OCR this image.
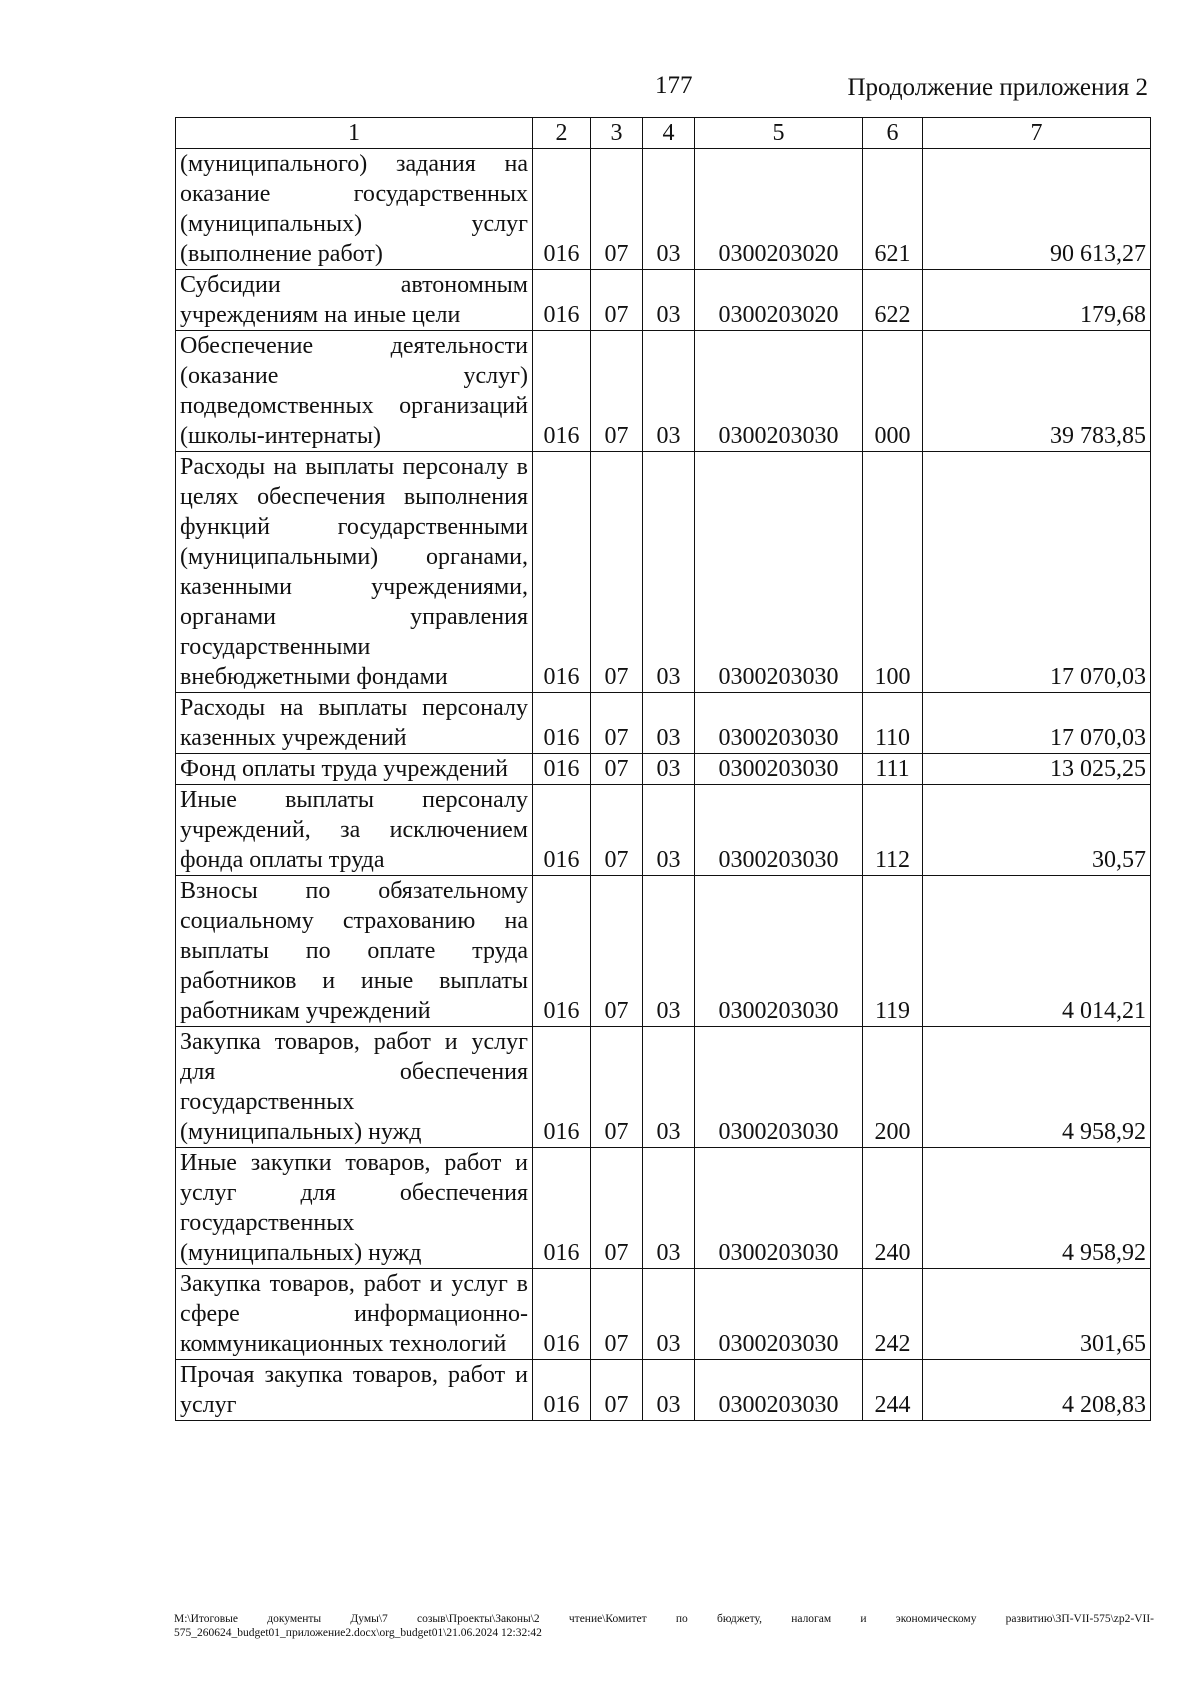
177	Продолжение приложения 2
1	2	3	4	5	6	7
(муниципального) задания на оказание государственных (муниципальных) услуг (выполнение работ)	016	07	03	0300203020	621	90 613,27
Субсидии автономным учреждениям на иные цели	016	07	03	0300203020	622	179,68
Обеспечение деятельности (оказание услуг) подведомственных организаций (школы-интернаты)	016	07	03	0300203030	000	39 783,85
Расходы на выплаты персоналу в целях обеспечения выполнения функций государственными (муниципальными) органами, казенными учреждениями, органами управления государственными внебюджетными фондами	016	07	03	0300203030	100	17 070,03
Расходы на выплаты персоналу казенных учреждений	016	07	03	0300203030	110	17 070,03
Фонд оплаты труда учреждений	016	07	03	0300203030	111	13 025,25
Иные выплаты персоналу учреждений, за исключением фонда оплаты труда	016	07	03	0300203030	112	30,57
Взносы по обязательному социальному страхованию на выплаты по оплате труда работников и иные выплаты работникам учреждений	016	07	03	0300203030	119	4 014,21
Закупка товаров, работ и услуг для обеспечения государственных (муниципальных) нужд	016	07	03	0300203030	200	4 958,92
Иные закупки товаров, работ и услуг для обеспечения государственных (муниципальных) нужд	016	07	03	0300203030	240	4 958,92
Закупка товаров, работ и услуг в сфере информационно-коммуникационных технологий	016	07	03	0300203030	242	301,65
Прочая закупка товаров, работ и услуг	016	07	03	0300203030	244	4 208,83
М:\Итоговые документы Думы\7 созыв\Проекты\Законы\2 чтение\Комитет по бюджету, налогам и экономическому развитию\ЗП-VII-575\zp2-VII-575_260624_budget01_приложение2.docx\org_budget01\21.06.2024 12:32:42
